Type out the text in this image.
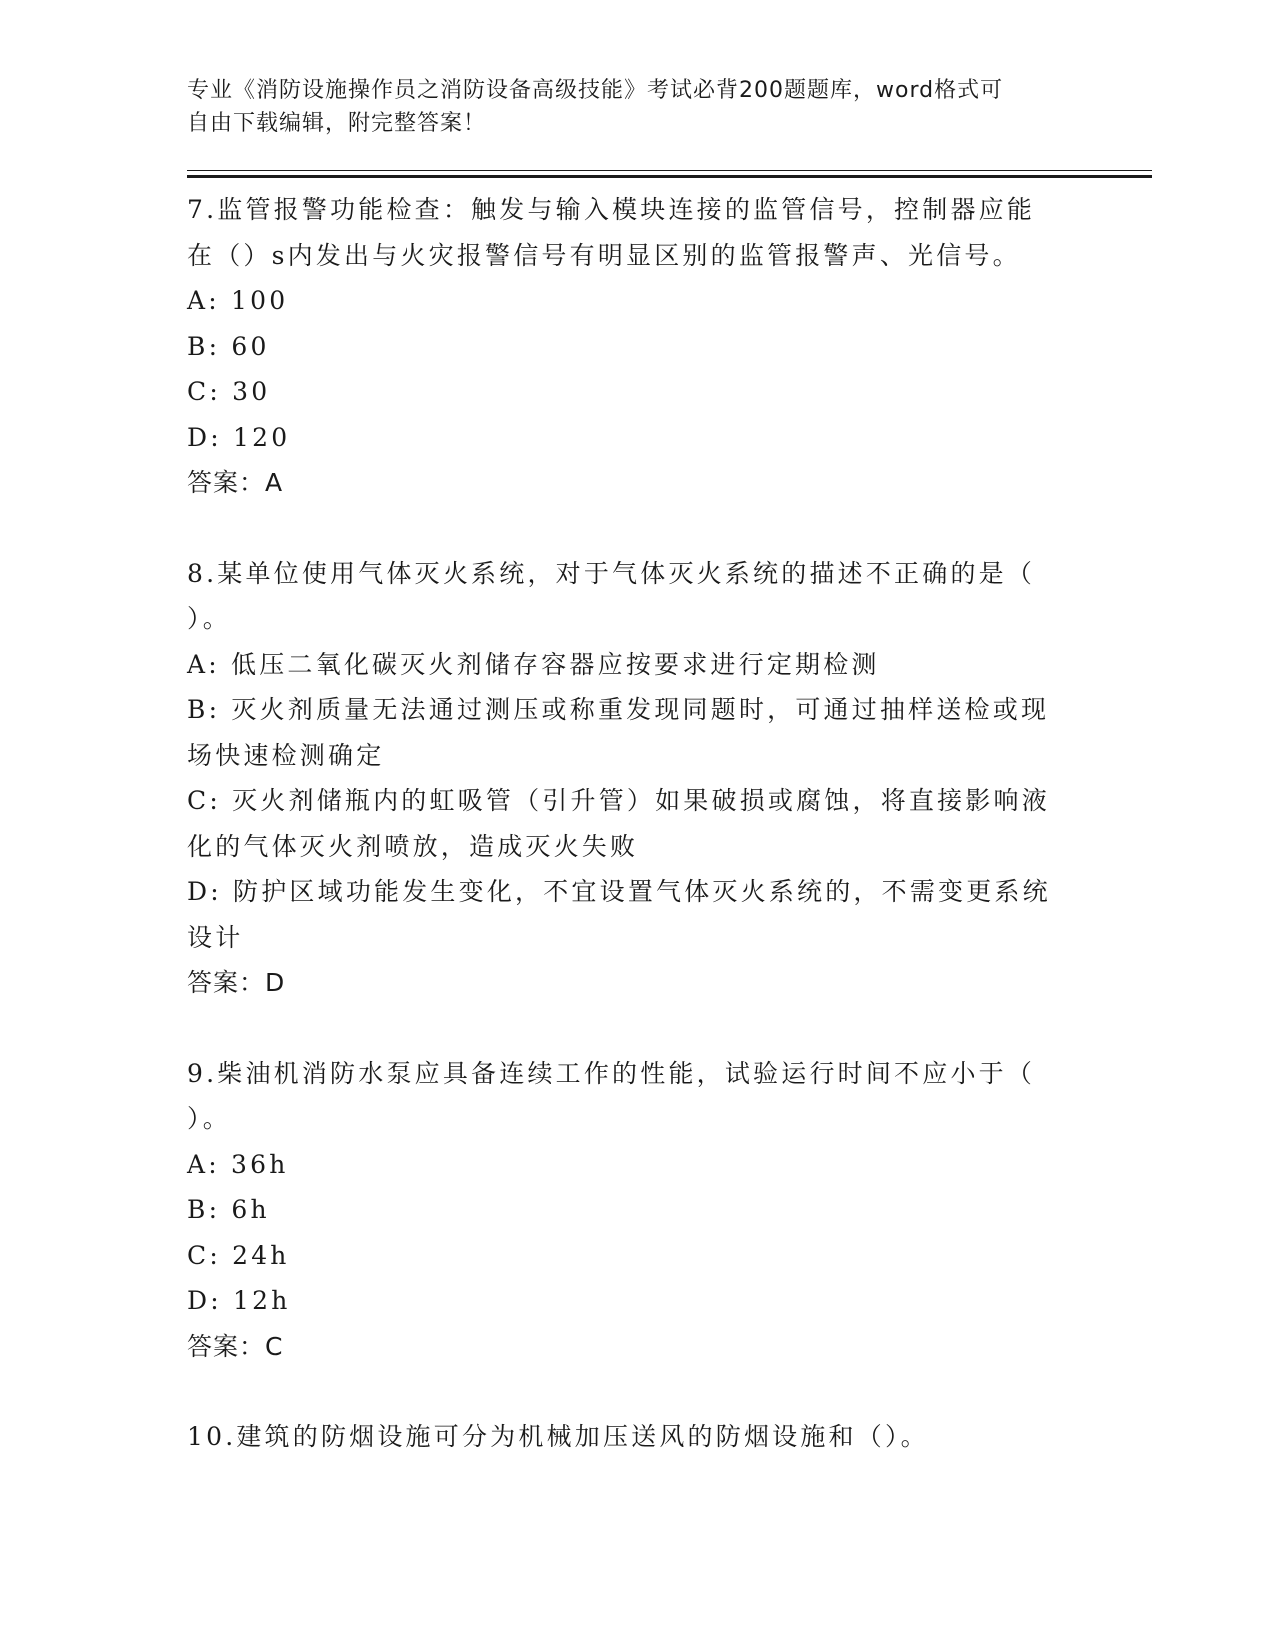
专业《消防设施操作员之消防设备高级技能》考试必背200题题库，word格式可
自由下载编辑，附完整答案！

7.监管报警功能检查：触发与输入模块连接的监管信号，控制器应能

在（）s内发出与火灾报警信号有明显区别的监管报警声、光信号。

A: 100

B: 60

C: 30

D: 120

答案：A

8.某单位使用气体灭火系统，对于气体灭火系统的描述不正确的是（

）。

A: 低压二氧化碳灭火剂储存容器应按要求进行定期检测

B: 灭火剂质量无法通过测压或称重发现同题时，可通过抽样送检或现

场快速检测确定

C: 灭火剂储瓶内的虹吸管（引升管）如果破损或腐蚀，将直接影响液

化的气体灭火剂喷放，造成灭火失败

D: 防护区域功能发生变化，不宜设置气体灭火系统的，不需变更系统

设计

答案：D

9.柴油机消防水泵应具备连续工作的性能，试验运行时间不应小于（

）。

A: 36h

B: 6h

C: 24h

D: 12h

答案：C

10.建筑的防烟设施可分为机械加压送风的防烟设施和（）。
